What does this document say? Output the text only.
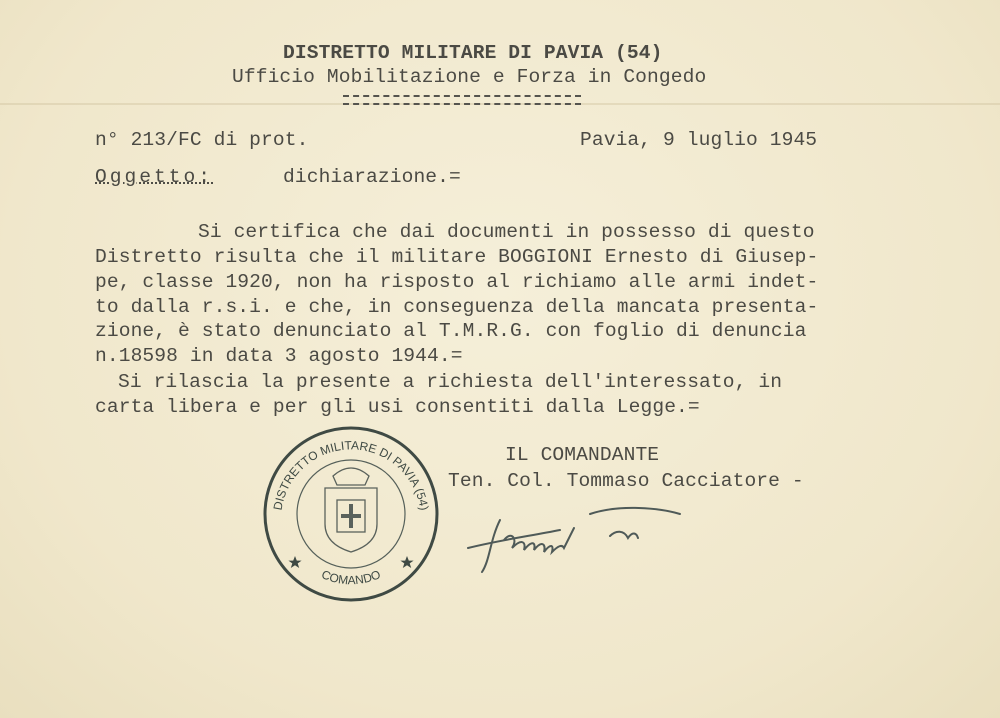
DISTRETTO MILITARE DI PAVIA (54)
Ufficio Mobilitazione e Forza in Congedo
n° 213/FC di prot.	Pavia, 9 luglio 1945
Oggetto:	dichiarazione.=
Si certifica che dai documenti in possesso di questo
Distretto risulta che il militare BOGGIONI Ernesto di Giusep-
pe, classe 1920, non ha risposto al richiamo alle armi indet-
to dalla r.s.i. e che, in conseguenza della mancata presenta-
zione, è stato denunciato al T.M.R.G. con foglio di denuncia
n.18598 in data 3 agosto 1944.=
Si rilascia la presente a richiesta dell'interessato, in
carta libera e per gli usi consentiti dalla Legge.=
IL COMANDANTE
Ten. Col. Tommaso Cacciatore -
DISTRETTO MILITARE DI PAVIA (54)
COMANDO
